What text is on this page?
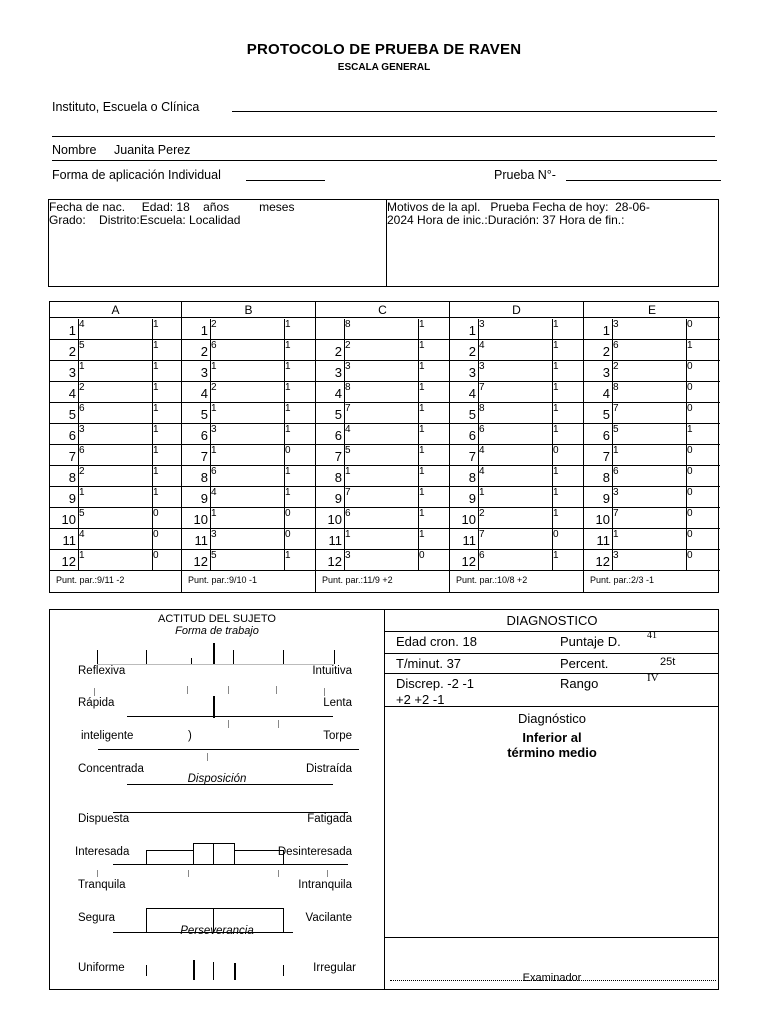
PROTOCOLO DE PRUEBA DE RAVEN
ESCALA GENERAL
Instituto, Escuela o Clínica
Nombre Juanita Perez
Forma de aplicación Individual	Prueba N°-
Fecha de nac.     Edad: 18    años         meses
Grado:    Distrito:Escuela: Localidad
Motivos de la apl.   Prueba Fecha de hoy:  28-06-
2024 Hora de inic.:Duración: 37 Hora de fin.:
A
1 4	1
2 5	1
3 1	1
4 2	1
5 6	1
6 3	1
7 6	1
8 2	1
9 1	1
10 5	0
11 4	0
12 1	0
Punt. par.:9/11 -2
B
1 2	1
2 6	1
3 1	1
4 2	1
5 1	1
6 3	1
7 1	0
8 6	1
9 4	1
10 1	0
11 3	0
12 5	1
Punt. par.:9/10 -1
C
8	1
2 2	1
3 3	1
4 8	1
5 7	1
6 4	1
7 5	1
8 1	1
9 7	1
10 6	1
11 1	1
12 3	0
Punt. par.:11/9 +2
D
1 3	1
2 4	1
3 3	1
4 7	1
5 8	1
6 6	1
7 4	0
8 4	1
9 1	1
10 2	1
11 7	0
12 6	1
Punt. par.:10/8 +2
E
1 3	0
2 6	1
3 2	0
4 8	0
5 7	0
6 5	1
7 1	0
8 6	0
9 3	0
10 7	0
11 1	0
12 3	0
Punt. par.:2/3 -1
ACTITUD DEL SUJETO
Forma de trabajo
Reflexiva	Intuitiva
Rápida	Lenta
inteligente	)	Torpe
Concentrada	Distraída
Disposición
Dispuesta	Fatigada
Interesada	Desinteresada
Tranquila	Intranquila
Segura	Vacilante
Perseverancia
Uniforme	Irregular
DIAGNOSTICO
Edad cron. 18	Puntaje D.	41
T/minut. 37	Percent.	25t
Discrep. -2 -1
+2 +2 -1
Rango	IV
Diagnóstico
Inferior al
término medio
Examinador
